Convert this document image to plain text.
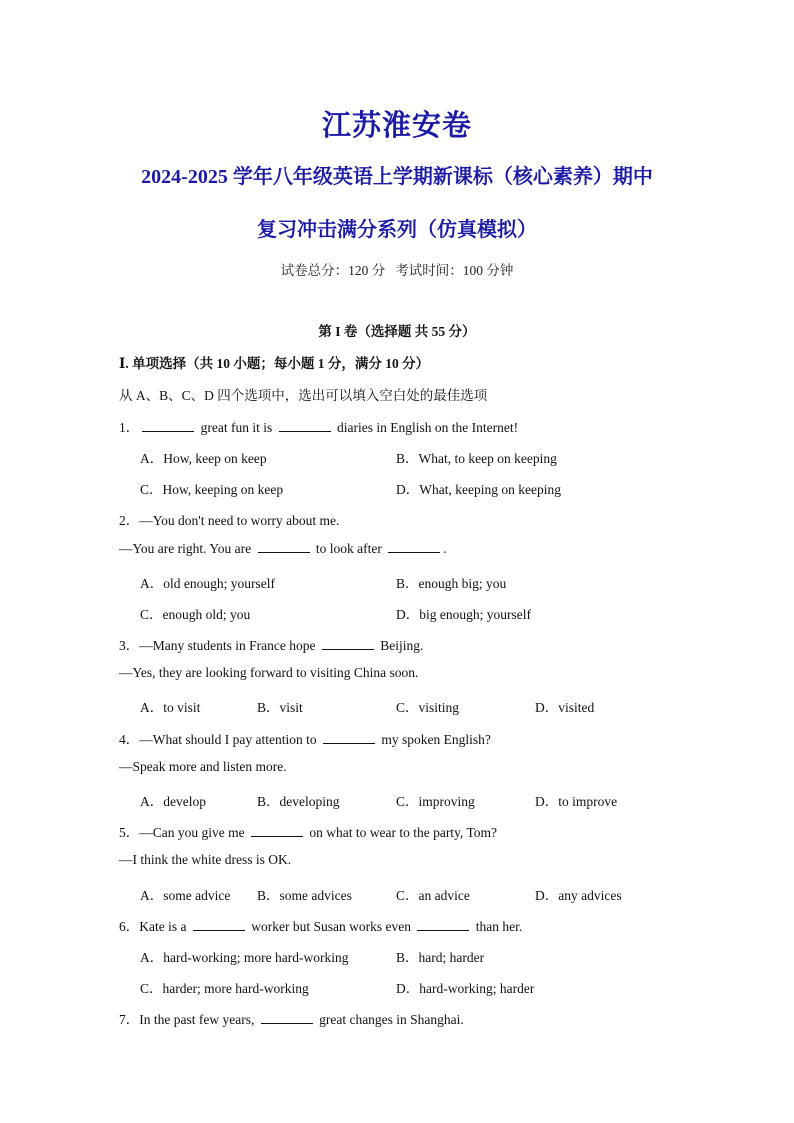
江苏淮安卷
2024-2025 学年八年级英语上学期新课标（核心素养）期中
复习冲击满分系列（仿真模拟）
试卷总分：120 分 考试时间：100 分钟
第 I 卷（选择题 共 55 分）
Ⅰ. 单项选择（共 10 小题；每小题 1 分，满分 10 分）
从 A、B、C、D 四个选项中，选出可以填入空白处的最佳选项
1．	great fun it is	diaries in English on the Internet!
A．How, keep on keep	B．What, to keep on keeping
C．How, keeping on keep	D．What, keeping on keeping
2．—You don't need to worry about me.
—You are right. You are	to look after	.
A．old enough; yourself	B．enough big; you
C．enough old; you	D．big enough; yourself
3．—Many students in France hope	Beijing.
—Yes, they are looking forward to visiting China soon.
A．to visit	B．visit	C．visiting	D．visited
4．—What should I pay attention to	my spoken English?
—Speak more and listen more.
A．develop	B．developing	C．improving	D．to improve
5．—Can you give me	on what to wear to the party, Tom?
—I think the white dress is OK.
A．some advice B．some advices	C．an advice	D．any advices
6．Kate is a	worker but Susan works even	than her.
A．hard-working; more hard-working	B．hard; harder
C．harder; more hard-working	D．hard-working; harder
7．In the past few years,	great changes in Shanghai.
